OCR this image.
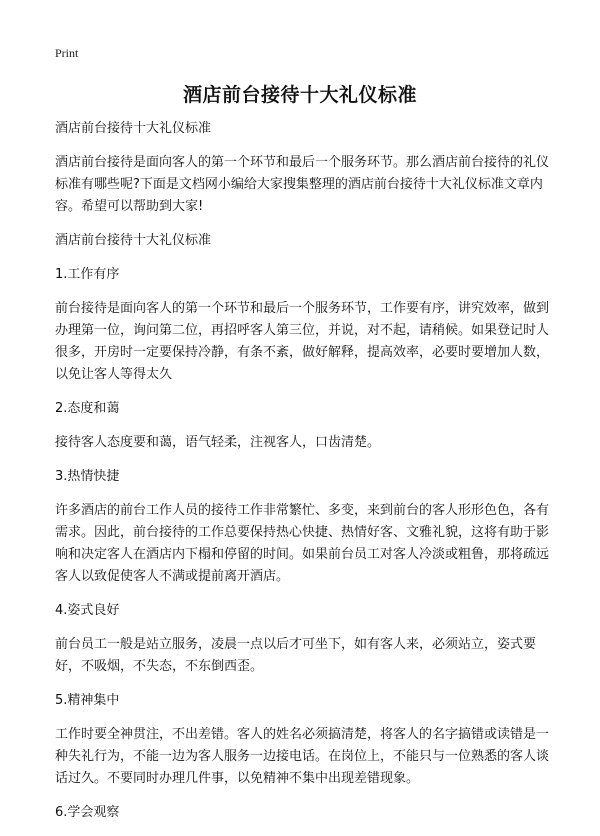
Print
酒店前台接待十大礼仪标准
酒店前台接待十大礼仪标准
酒店前台接待是面向客人的第一个环节和最后一个服务环节。那么酒店前台接待的礼仪标准有哪些呢?下面是文档网小编给大家搜集整理的酒店前台接待十大礼仪标准文章内容。希望可以帮助到大家!
酒店前台接待十大礼仪标准
1.工作有序
前台接待是面向客人的第一个环节和最后一个服务环节，工作要有序，讲究效率，做到办理第一位，询问第二位，再招呼客人第三位，并说，对不起，请稍候。如果登记时人很多，开房时一定要保持冷静，有条不紊，做好解释，提高效率，必要时要增加人数，以免让客人等得太久
2.态度和蔼
接待客人态度要和蔼，语气轻柔，注视客人，口齿清楚。
3.热情快捷
许多酒店的前台工作人员的接待工作非常繁忙、多变，来到前台的客人形形色色，各有需求。因此，前台接待的工作总要保持热心快捷、热情好客、文雅礼貌，这将有助于影响和决定客人在酒店内下榻和停留的时间。如果前台员工对客人冷淡或粗鲁，那将疏远客人以致促使客人不满或提前离开酒店。
4.姿式良好
前台员工一般是站立服务，凌晨一点以后才可坐下，如有客人来，必须站立，姿式要好，不吸烟，不失态，不东倒西歪。
5.精神集中
工作时要全神贯注，不出差错。客人的姓名必须搞清楚，将客人的名字搞错或读错是一种失礼行为，不能一边为客人服务一边接电话。在岗位上，不能只与一位熟悉的客人谈话过久。不要同时办理几件事，以免精神不集中出现差错现象。
6.学会观察
